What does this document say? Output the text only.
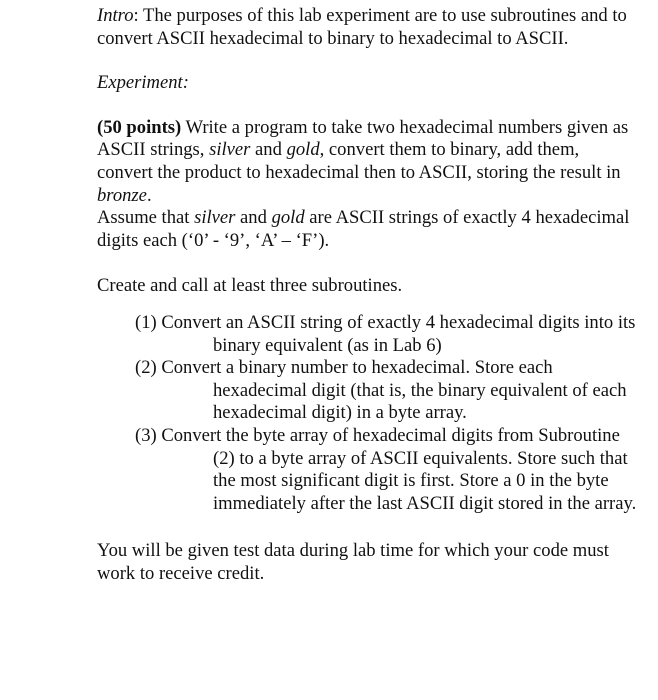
Intro: The purposes of this lab experiment are to use subroutines and to convert ASCII hexadecimal to binary to hexadecimal to ASCII.

Experiment:

(50 points) Write a program to take two hexadecimal numbers given as ASCII strings, silver and gold, convert them to binary, add them, convert the product to hexadecimal then to ASCII, storing the result in bronze.
Assume that silver and gold are ASCII strings of exactly 4 hexadecimal digits each (‘0’ - ‘9’, ‘A’ – ‘F’).

Create and call at least three subroutines.

(1) Convert an ASCII string of exactly 4 hexadecimal digits into its binary equivalent (as in Lab 6)
(2) Convert a binary number to hexadecimal. Store each hexadecimal digit (that is, the binary equivalent of each hexadecimal digit) in a byte array.
(3) Convert the byte array of hexadecimal digits from Subroutine (2) to a byte array of ASCII equivalents. Store such that the most significant digit is first. Store a 0 in the byte immediately after the last ASCII digit stored in the array.

You will be given test data during lab time for which your code must work to receive credit.
